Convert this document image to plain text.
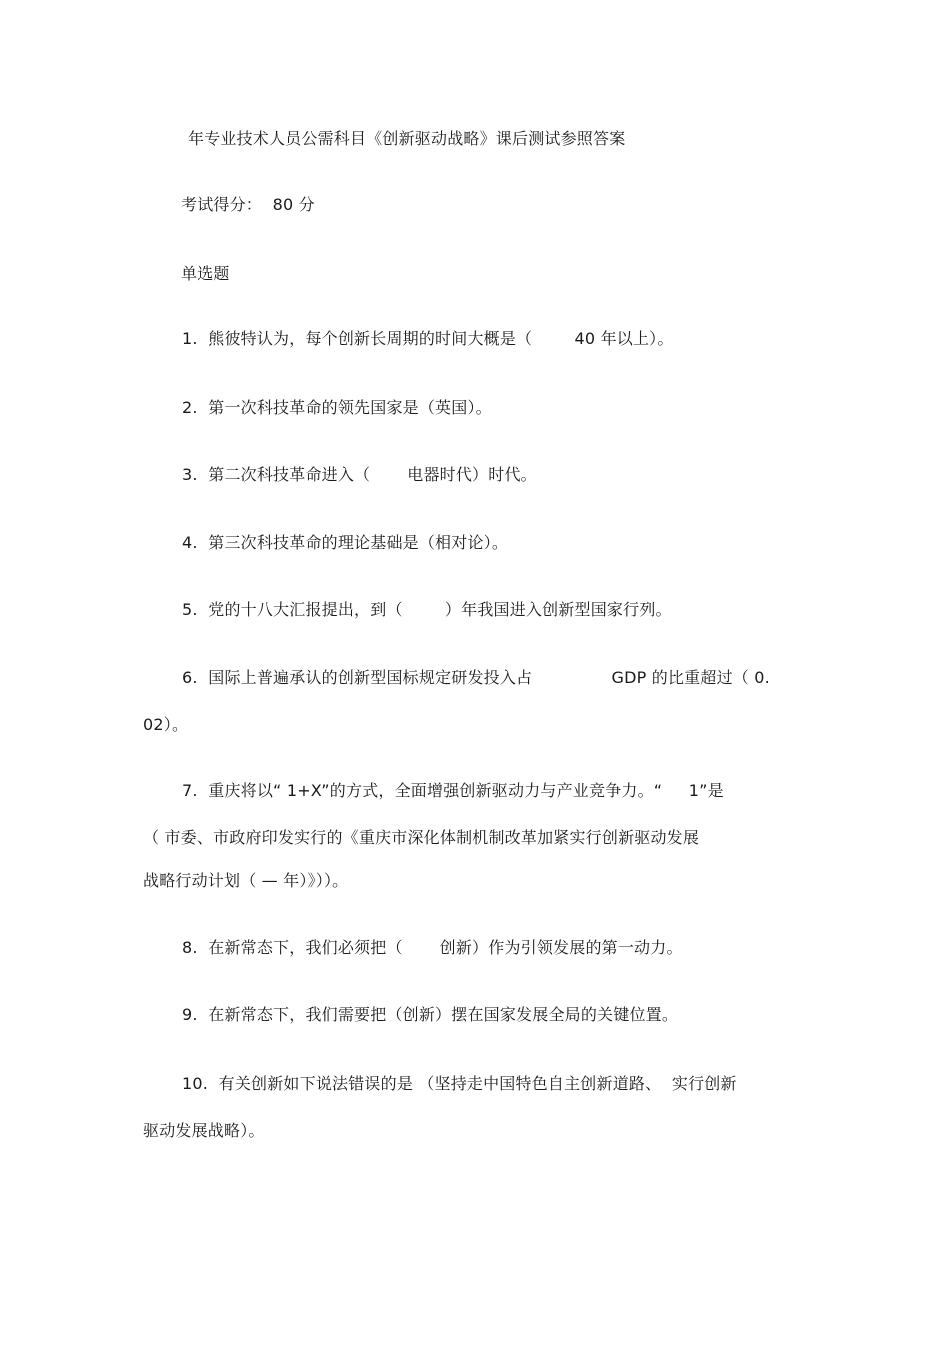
年专业技术人员公需科目《创新驱动战略》课后测试参照答案
考试得分：  80 分
单选题
1.  熊彼特认为，每个创新长周期的时间大概是（        40 年以上）。
2.  第一次科技革命的领先国家是（英国）。
3.  第二次科技革命进入（       电器时代）时代。
4.  第三次科技革命的理论基础是（相对论）。
5.  党的十八大汇报提出，到（        ）年我国进入创新型国家行列。
6.  国际上普遍承认的创新型国标规定研发投入占               GDP 的比重超过（ 0.
02）。
7.  重庆将以“ 1+X”的方式，全面增强创新驱动力与产业竞争力。“     1”是
（ 市委、市政府印发实行的《重庆市深化体制机制改革加紧实行创新驱动发展
战略行动计划（ — 年）》））。
8.  在新常态下，我们必须把（       创新）作为引领发展的第一动力。
9.  在新常态下，我们需要把（创新）摆在国家发展全局的关键位置。
10.  有关创新如下说法错误的是 （坚持走中国特色自主创新道路、  实行创新
驱动发展战略）。
